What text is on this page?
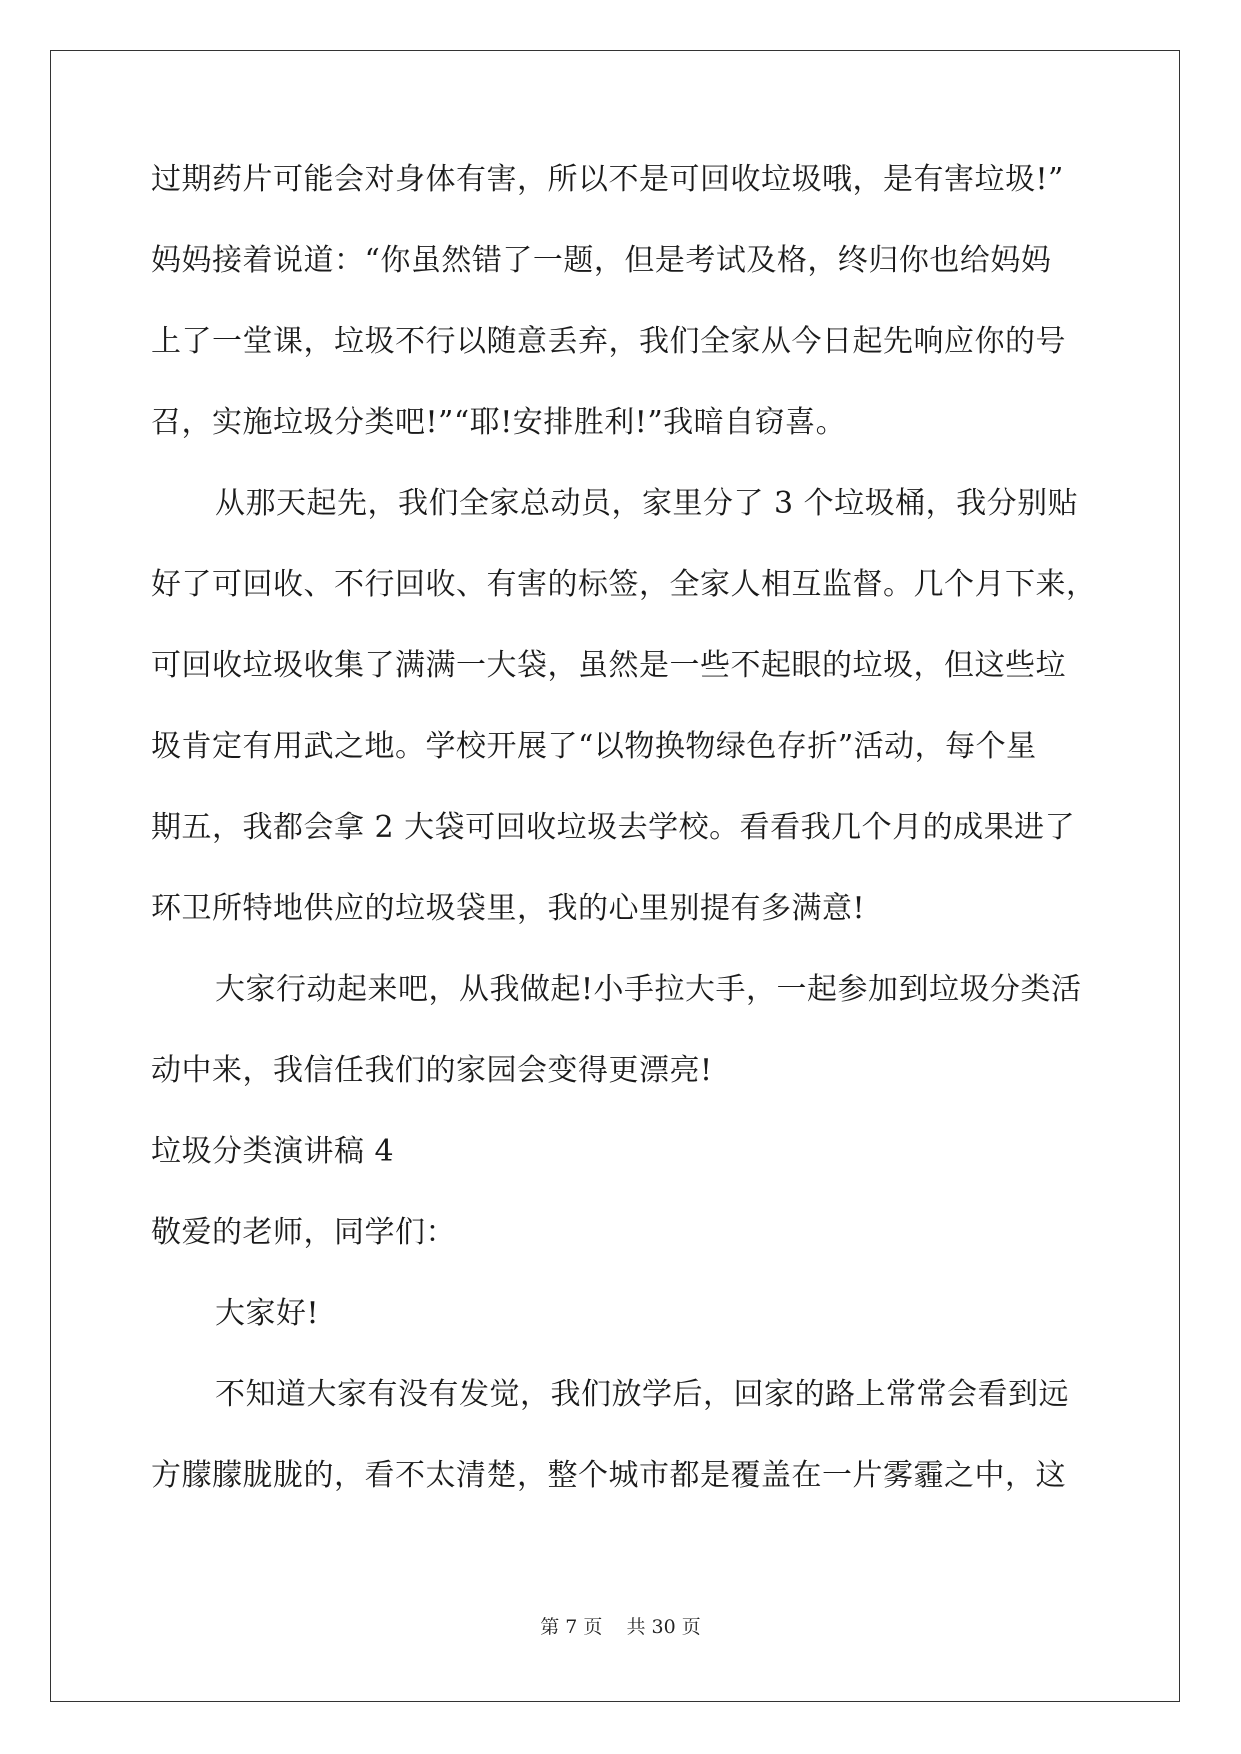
过期药片可能会对身体有害，所以不是可回收垃圾哦，是有害垃圾!”
妈妈接着说道：“你虽然错了一题，但是考试及格，终归你也给妈妈
上了一堂课，垃圾不行以随意丢弃，我们全家从今日起先响应你的号
召，实施垃圾分类吧!”“耶!安排胜利!”我暗自窃喜。
从那天起先，我们全家总动员，家里分了 3 个垃圾桶，我分别贴
好了可回收、不行回收、有害的标签，全家人相互监督。几个月下来，
可回收垃圾收集了满满一大袋，虽然是一些不起眼的垃圾，但这些垃
圾肯定有用武之地。学校开展了“以物换物绿色存折”活动，每个星
期五，我都会拿 2 大袋可回收垃圾去学校。看看我几个月的成果进了
环卫所特地供应的垃圾袋里，我的心里别提有多满意!
大家行动起来吧，从我做起!小手拉大手，一起参加到垃圾分类活
动中来，我信任我们的家园会变得更漂亮!
垃圾分类演讲稿 4
敬爱的老师，同学们：
大家好!
不知道大家有没有发觉，我们放学后，回家的路上常常会看到远
方朦朦胧胧的，看不太清楚，整个城市都是覆盖在一片雾霾之中，这
第 7 页 共 30 页
